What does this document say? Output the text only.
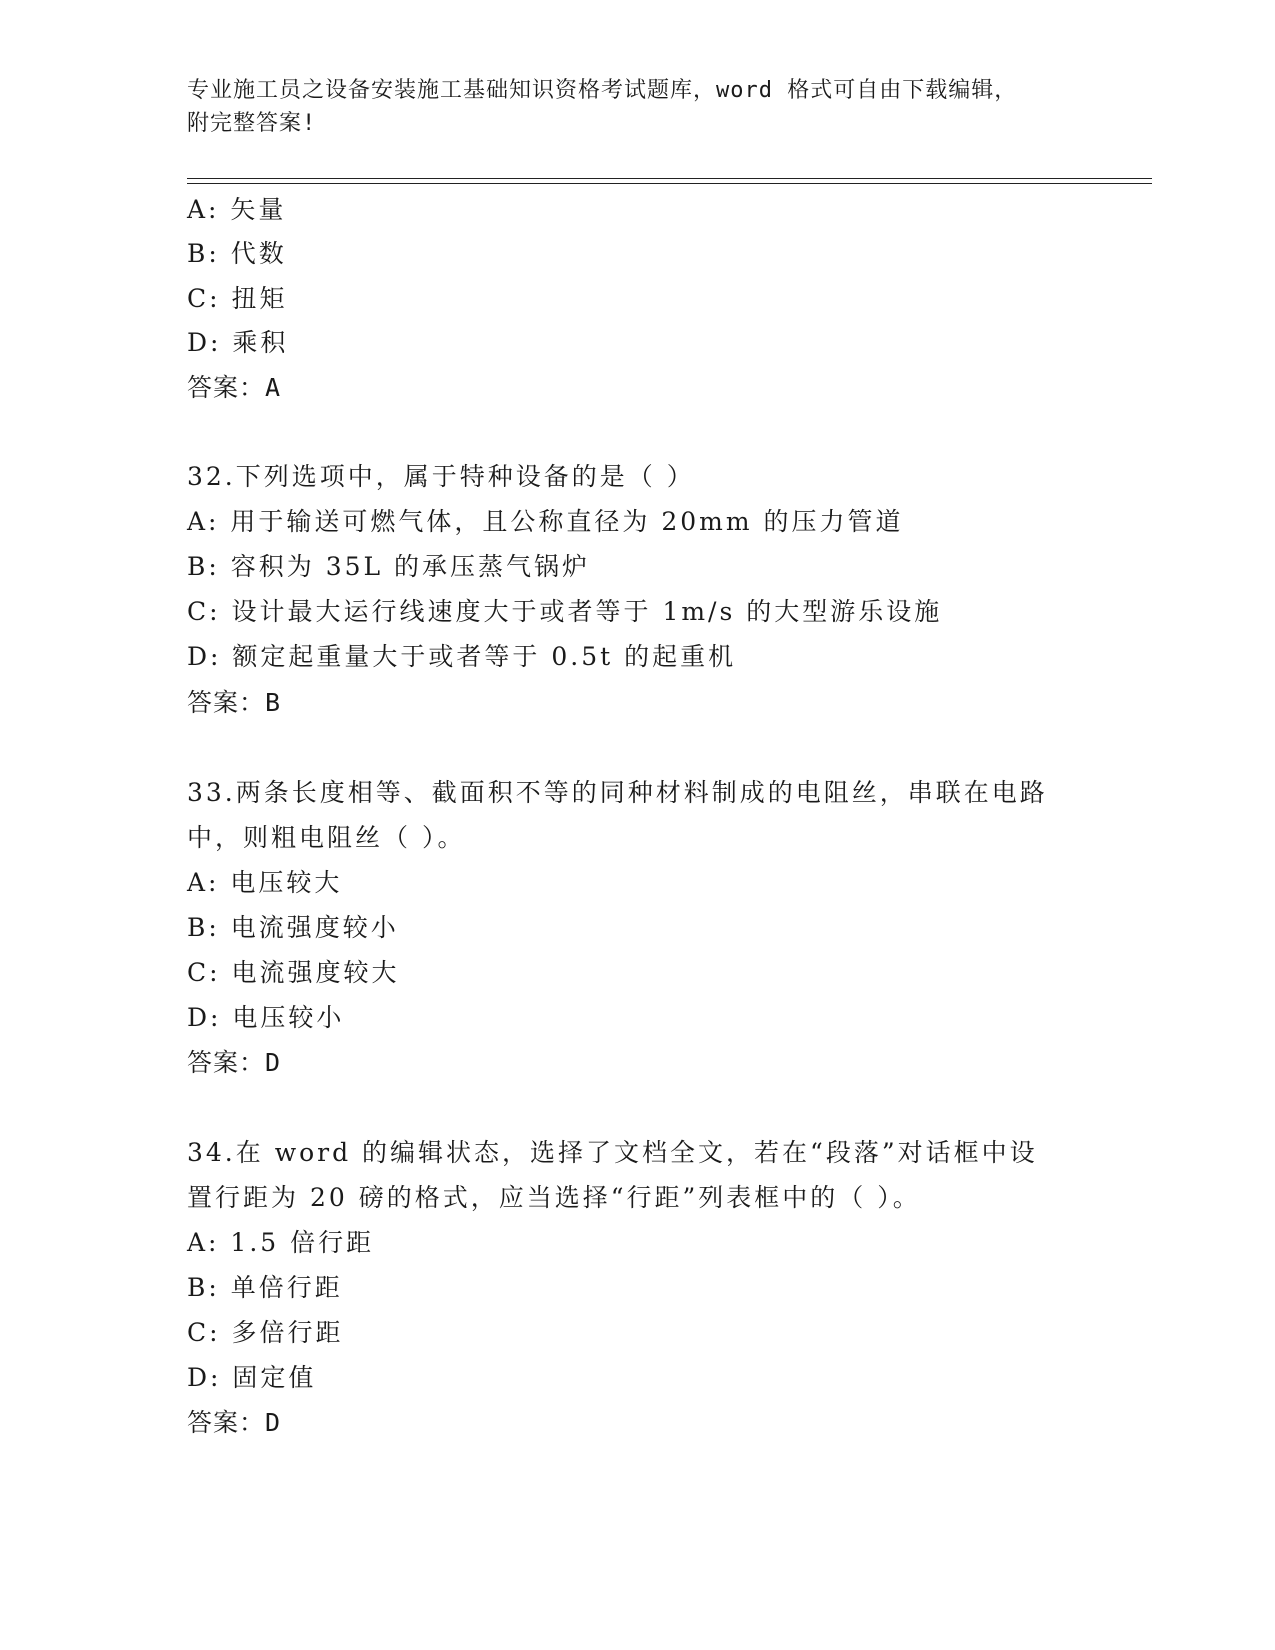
专业施工员之设备安装施工基础知识资格考试题库，word 格式可自由下载编辑，
附完整答案!
A: 矢量
B: 代数
C: 扭矩
D: 乘积
答案：A
32.下列选项中，属于特种设备的是（ ）
A: 用于输送可燃气体，且公称直径为 20mm 的压力管道
B: 容积为 35L 的承压蒸气锅炉
C: 设计最大运行线速度大于或者等于 1m/s 的大型游乐设施
D: 额定起重量大于或者等于 0.5t 的起重机
答案：B
33.两条长度相等、截面积不等的同种材料制成的电阻丝，串联在电路
中，则粗电阻丝（ ）。
A: 电压较大
B: 电流强度较小
C: 电流强度较大
D: 电压较小
答案：D
34.在 word 的编辑状态，选择了文档全文，若在“段落”对话框中设
置行距为 20 磅的格式，应当选择“行距”列表框中的（ ）。
A: 1.5 倍行距
B: 单倍行距
C: 多倍行距
D: 固定值
答案：D
